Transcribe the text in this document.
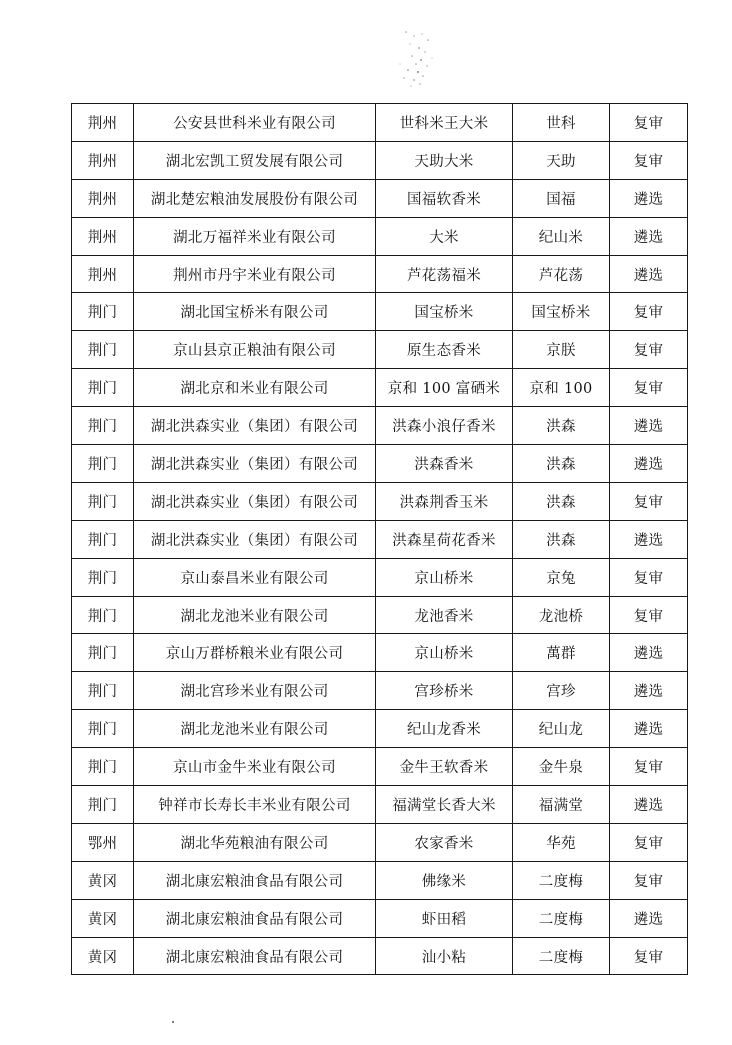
荆州	公安县世科米业有限公司	世科米王大米	世科	复审
荆州	湖北宏凯工贸发展有限公司	天助大米	天助	复审
荆州	湖北楚宏粮油发展股份有限公司	国福软香米	国福	遴选
荆州	湖北万福祥米业有限公司	大米	纪山米	遴选
荆州	荆州市丹宇米业有限公司	芦花荡福米	芦花荡	遴选
荆门	湖北国宝桥米有限公司	国宝桥米	国宝桥米	复审
荆门	京山县京正粮油有限公司	原生态香米	京朕	复审
荆门	湖北京和米业有限公司	京和 100 富硒米	京和 100	复审
荆门	湖北洪森实业（集团）有限公司	洪森小浪仔香米	洪森	遴选
荆门	湖北洪森实业（集团）有限公司	洪森香米	洪森	遴选
荆门	湖北洪森实业（集团）有限公司	洪森荆香玉米	洪森	复审
荆门	湖北洪森实业（集团）有限公司	洪森星荷花香米	洪森	遴选
荆门	京山泰昌米业有限公司	京山桥米	京兔	复审
荆门	湖北龙池米业有限公司	龙池香米	龙池桥	复审
荆门	京山万群桥粮米业有限公司	京山桥米	萬群	遴选
荆门	湖北宫珍米业有限公司	宫珍桥米	宫珍	遴选
荆门	湖北龙池米业有限公司	纪山龙香米	纪山龙	遴选
荆门	京山市金牛米业有限公司	金牛王软香米	金牛泉	复审
荆门	钟祥市长寿长丰米业有限公司	福满堂长香大米	福满堂	遴选
鄂州	湖北华苑粮油有限公司	农家香米	华苑	复审
黄冈	湖北康宏粮油食品有限公司	佛缘米	二度梅	复审
黄冈	湖北康宏粮油食品有限公司	虾田稻	二度梅	遴选
黄冈	湖北康宏粮油食品有限公司	汕小粘	二度梅	复审
